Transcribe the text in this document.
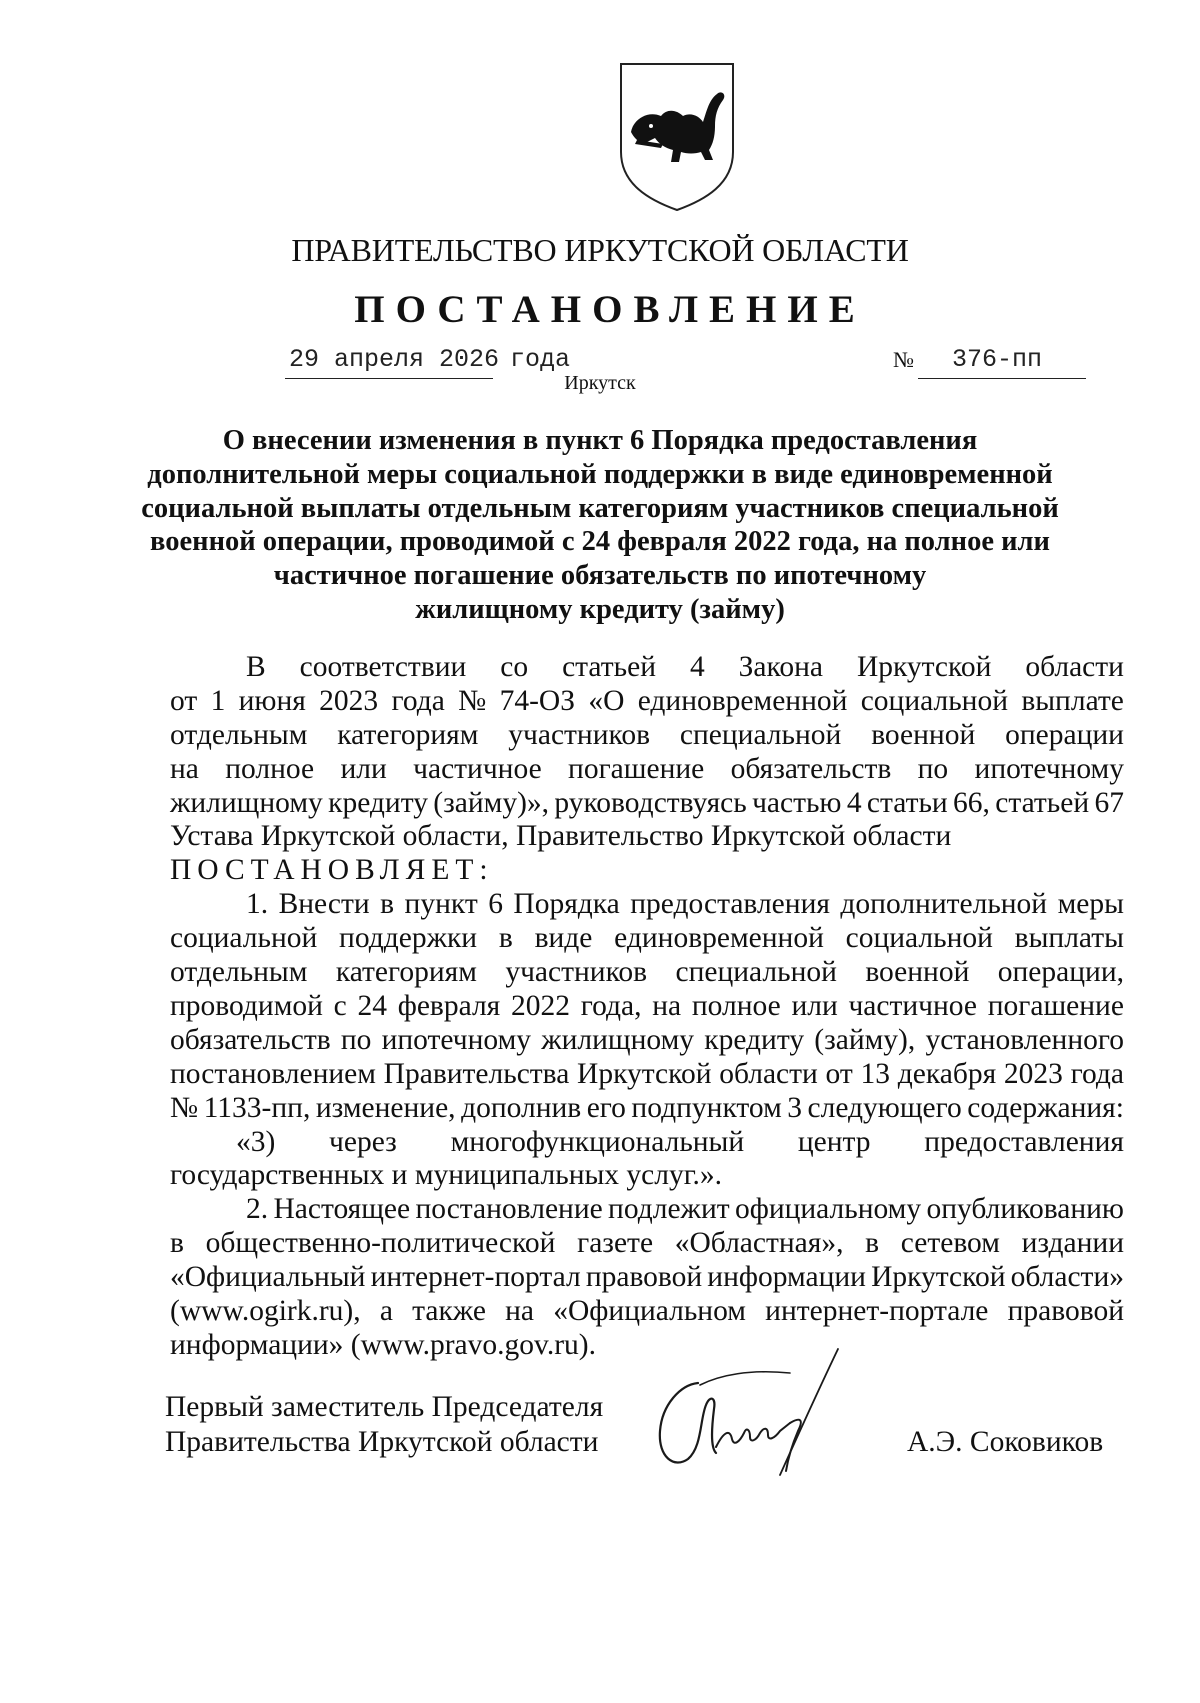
ПРАВИТЕЛЬСТВО ИРКУТСКОЙ ОБЛАСТИ
ПОСТАНОВЛЕНИЕ
29 апреля 2026 года	№ 376-пп
Иркутск
О внесении изменения в пункт 6 Порядка предоставления
дополнительной меры социальной поддержки в виде единовременной
социальной выплаты отдельным категориям участников специальной
военной операции, проводимой с 24 февраля 2022 года, на полное или
частичное погашение обязательств по ипотечному
жилищному кредиту (займу)
В соответствии со статьей 4 Закона Иркутской области
от 1 июня 2023 года № 74-ОЗ «О единовременной социальной выплате
отдельным категориям участников специальной военной операции
на полное или частичное погашение обязательств по ипотечному
жилищному кредиту (займу)», руководствуясь частью 4 статьи 66, статьей 67
Устава Иркутской области, Правительство Иркутской области
ПОСТАНОВЛЯЕТ:
1. Внести в пункт 6 Порядка предоставления дополнительной меры
социальной поддержки в виде единовременной социальной выплаты
отдельным категориям участников специальной военной операции,
проводимой с 24 февраля 2022 года, на полное или частичное погашение
обязательств по ипотечному жилищному кредиту (займу), установленного
постановлением Правительства Иркутской области от 13 декабря 2023 года
№ 1133-пп, изменение, дополнив его подпунктом 3 следующего содержания:
«3) через многофункциональный центр предоставления
государственных и муниципальных услуг.».
2. Настоящее постановление подлежит официальному опубликованию
в общественно-политической газете «Областная», в сетевом издании
«Официальный интернет-портал правовой информации Иркутской области»
(www.ogirk.ru), а также на «Официальном интернет-портале правовой
информации» (www.pravo.gov.ru).
Первый заместитель Председателя
Правительства Иркутской области	А.Э. Соковиков
